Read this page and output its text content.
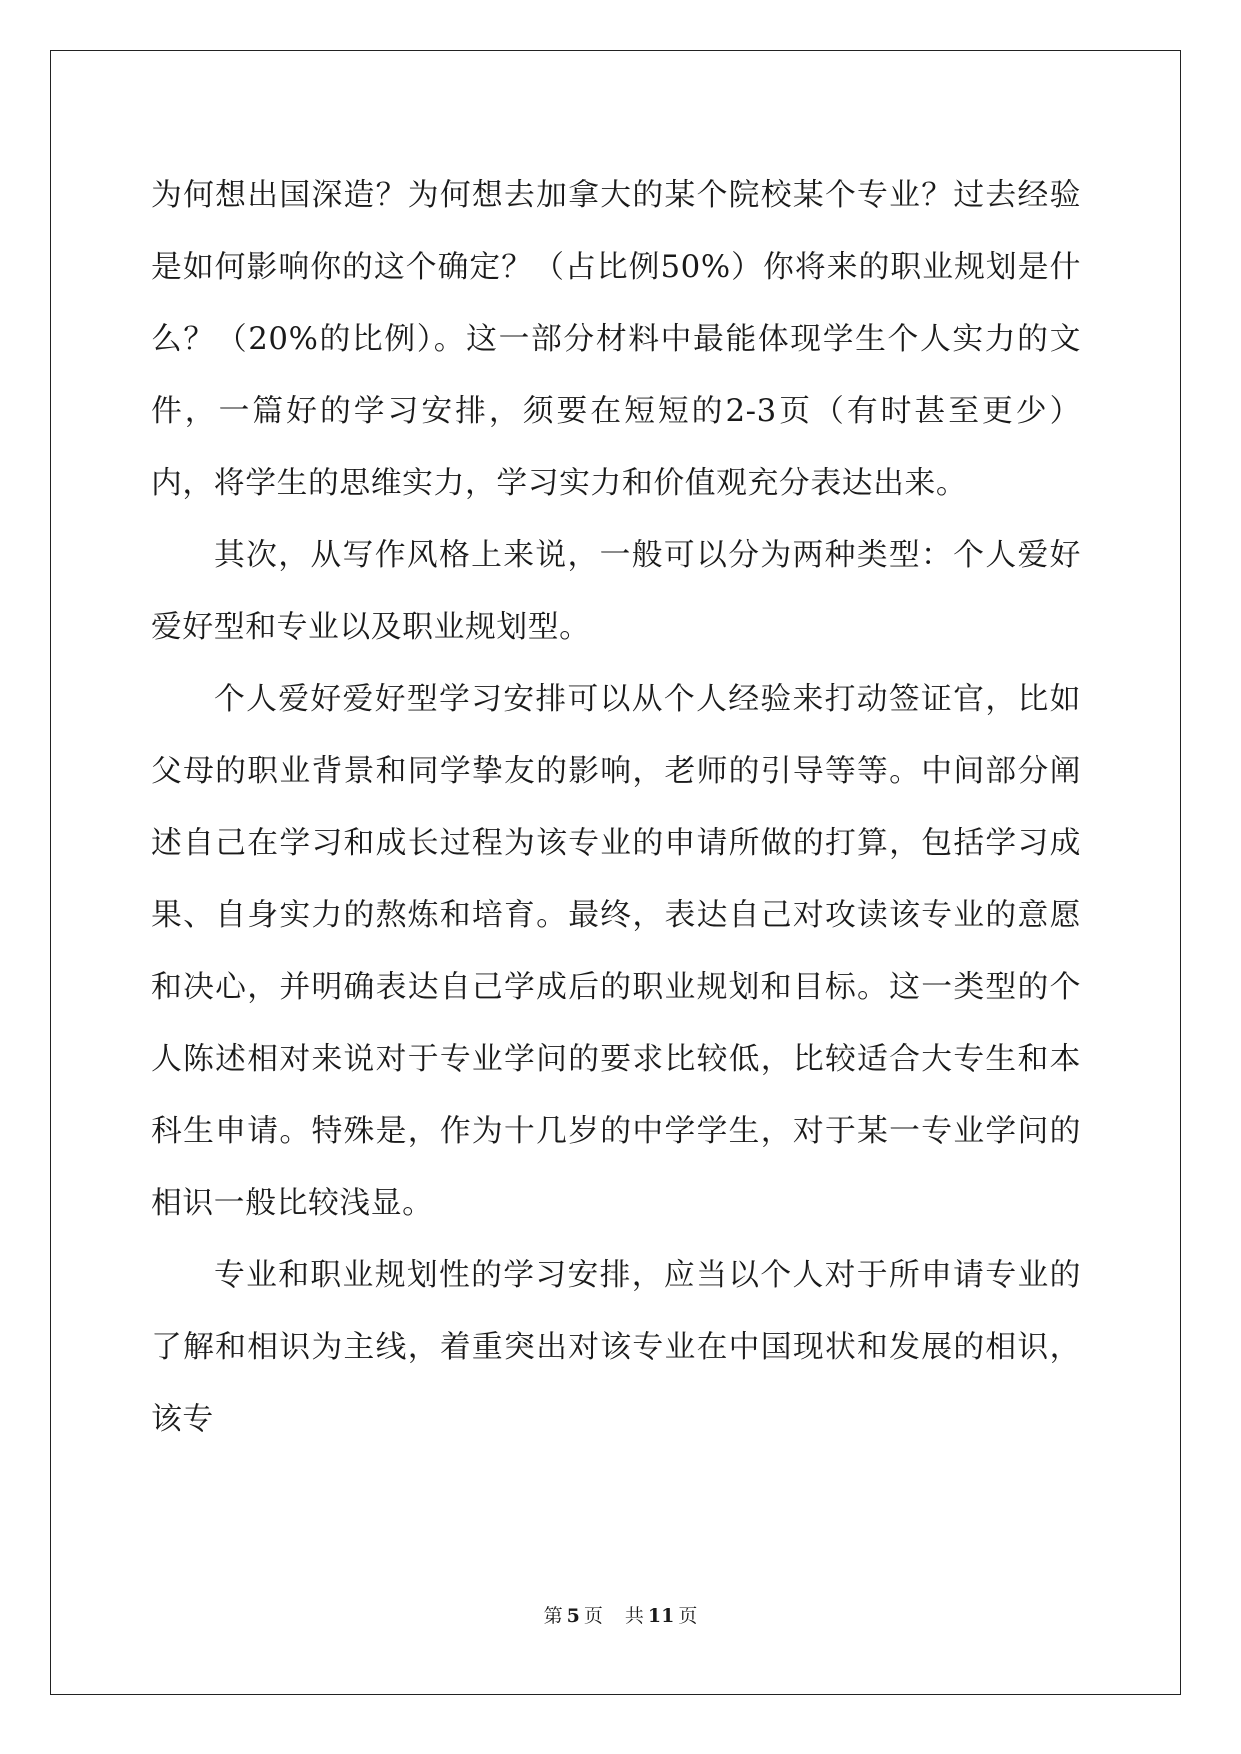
为何想出国深造？为何想去加拿大的某个院校某个专业？过去经验是如何影响你的这个确定？（占比例50%）你将来的职业规划是什么？（20%的比例）。这一部分材料中最能体现学生个人实力的文件，一篇好的学习安排，须要在短短的2-3页（有时甚至更少）内，将学生的思维实力，学习实力和价值观充分表达出来。

其次，从写作风格上来说，一般可以分为两种类型：个人爱好爱好型和专业以及职业规划型。

个人爱好爱好型学习安排可以从个人经验来打动签证官，比如父母的职业背景和同学挚友的影响，老师的引导等等。中间部分阐述自己在学习和成长过程为该专业的申请所做的打算，包括学习成果、自身实力的熬炼和培育。最终，表达自己对攻读该专业的意愿和决心，并明确表达自己学成后的职业规划和目标。这一类型的个人陈述相对来说对于专业学问的要求比较低，比较适合大专生和本科生申请。特殊是，作为十几岁的中学学生，对于某一专业学问的相识一般比较浅显。

专业和职业规划性的学习安排，应当以个人对于所申请专业的了解和相识为主线，着重突出对该专业在中国现状和发展的相识，该专

第 5 页 共 11 页
